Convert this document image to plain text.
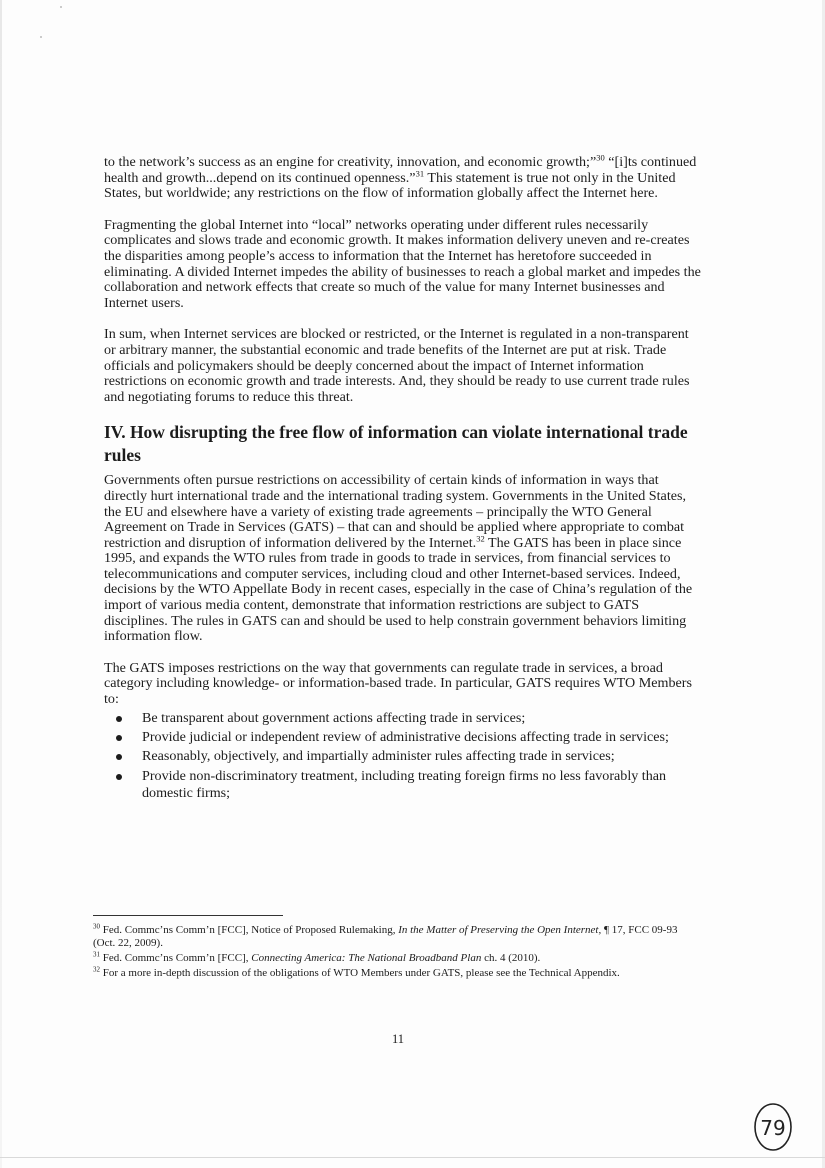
to the network’s success as an engine for creativity, innovation, and economic growth;”$^{30}$ “[i]ts continued health and growth...depend on its continued openness.”$^{31}$ This statement is true not only in the United States, but worldwide; any restrictions on the flow of information globally affect the Internet here.

Fragmenting the global Internet into “local” networks operating under different rules necessarily complicates and slows trade and economic growth. It makes information delivery uneven and re-creates the disparities among people’s access to information that the Internet has heretofore succeeded in eliminating. A divided Internet impedes the ability of businesses to reach a global market and impedes the collaboration and network effects that create so much of the value for many Internet businesses and Internet users.

In sum, when Internet services are blocked or restricted, or the Internet is regulated in a non-transparent or arbitrary manner, the substantial economic and trade benefits of the Internet are put at risk. Trade officials and policymakers should be deeply concerned about the impact of Internet information restrictions on economic growth and trade interests. And, they should be ready to use current trade rules and negotiating forums to reduce this threat.

IV. How disrupting the free flow of information can violate international trade rules

Governments often pursue restrictions on accessibility of certain kinds of information in ways that directly hurt international trade and the international trading system. Governments in the United States, the EU and elsewhere have a variety of existing trade agreements – principally the WTO General Agreement on Trade in Services (GATS) – that can and should be applied where appropriate to combat restriction and disruption of information delivered by the Internet.$^{32}$ The GATS has been in place since 1995, and expands the WTO rules from trade in goods to trade in services, from financial services to telecommunications and computer services, including cloud and other Internet-based services. Indeed, decisions by the WTO Appellate Body in recent cases, especially in the case of China’s regulation of the import of various media content, demonstrate that information restrictions are subject to GATS disciplines. The rules in GATS can and should be used to help constrain government behaviors limiting information flow.

The GATS imposes restrictions on the way that governments can regulate trade in services, a broad category including knowledge- or information-based trade. In particular, GATS requires WTO Members to:

Be transparent about government actions affecting trade in services;
Provide judicial or independent review of administrative decisions affecting trade in services;
Reasonably, objectively, and impartially administer rules affecting trade in services;
Provide non-discriminatory treatment, including treating foreign firms no less favorably than domestic firms;
$^{30}$ Fed. Commc’ns Comm’n [FCC], Notice of Proposed Rulemaking, In the Matter of Preserving the Open Internet, ¶ 17, FCC 09-93 (Oct. 22, 2009).
$^{31}$ Fed. Commc’ns Comm’n [FCC], Connecting America: The National Broadband Plan ch. 4 (2010).
$^{32}$ For a more in-depth discussion of the obligations of WTO Members under GATS, please see the Technical Appendix.
11
79
